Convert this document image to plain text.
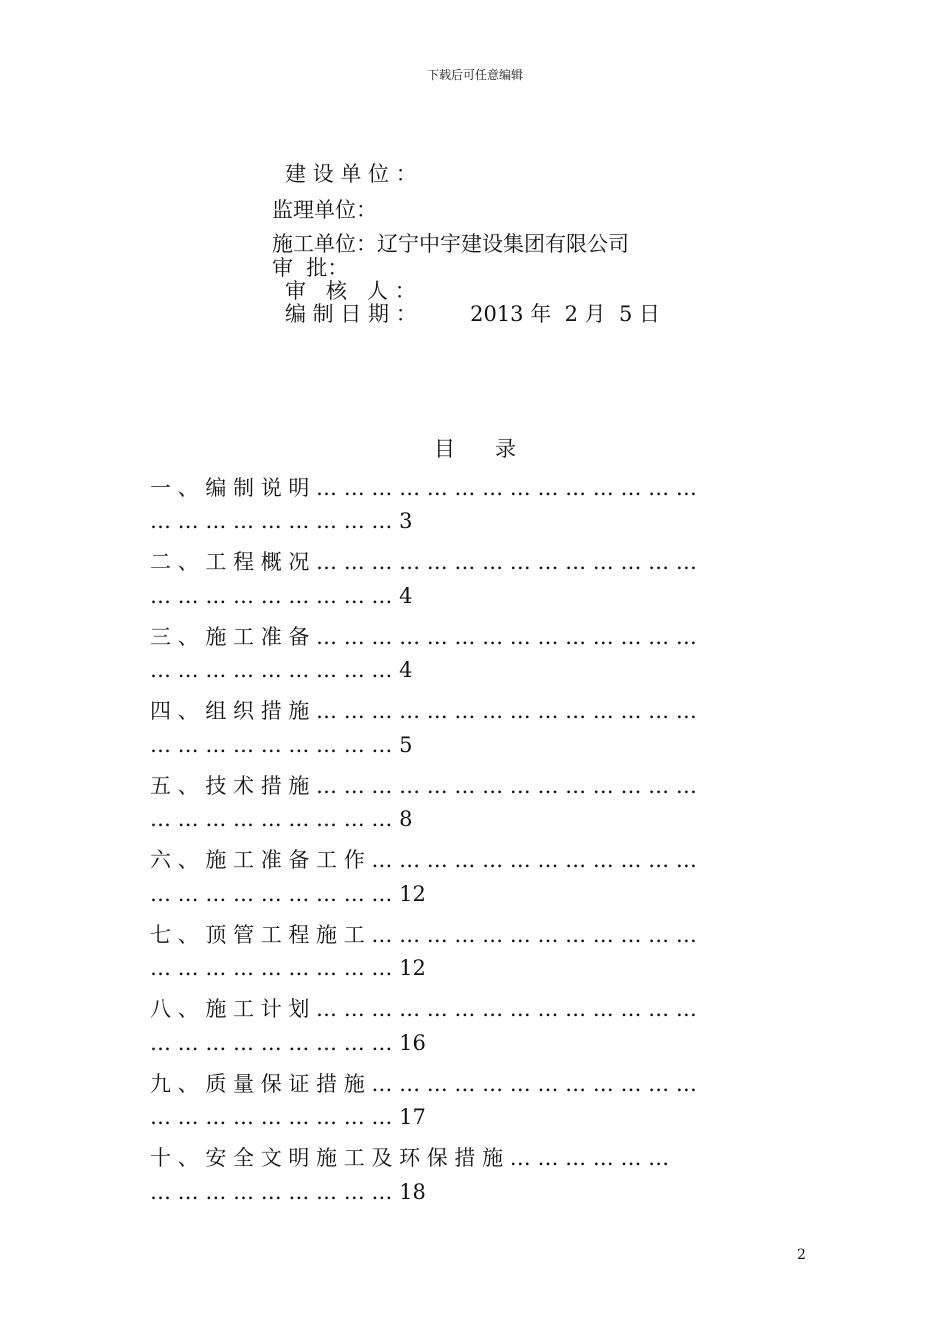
下载后可任意编辑
建 设 单 位 ：
监理单位：
施工单位：辽宁中宇建设集团有限公司
审  批：
审   核   人 ：
编 制 日 期 ：        2013 年  2 月  5 日
目      录
一 、 编 制 说 明 … … … … … … … … … … … … … …
… … … … … … … … … 3
二 、 工 程 概 况 … … … … … … … … … … … … … …
… … … … … … … … … 4
三 、 施 工 准 备 … … … … … … … … … … … … … …
… … … … … … … … … 4
四 、 组 织 措 施 … … … … … … … … … … … … … …
… … … … … … … … … 5
五 、 技 术 措 施 … … … … … … … … … … … … … …
… … … … … … … … … 8
六 、 施 工 准 备 工 作 … … … … … … … … … … … …
… … … … … … … … … 12
七 、 顶 管 工 程 施 工 … … … … … … … … … … … …
… … … … … … … … … 12
八 、 施 工 计 划 … … … … … … … … … … … … … …
… … … … … … … … … 16
九 、 质 量 保 证 措 施 … … … … … … … … … … … …
… … … … … … … … … 17
十 、 安 全 文 明 施 工 及 环 保 措 施 … … … … … …
… … … … … … … … … 18
2
